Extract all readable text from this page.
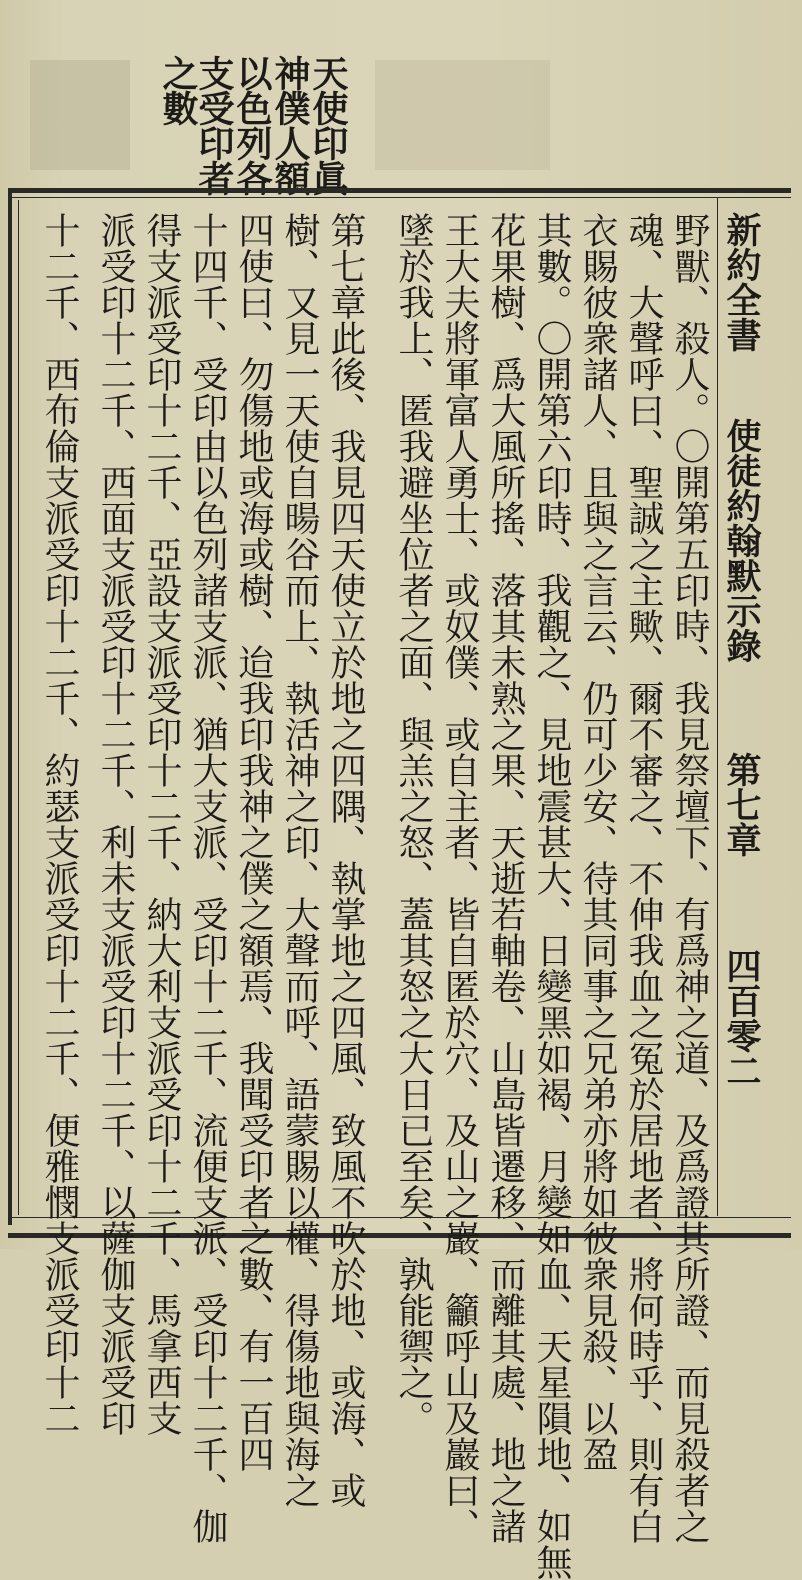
天使印眞
神僕人額
以色列各
支受印者
之數
新約全書
使徒約翰默示錄
第七章
四百零二
野獸、殺人。〇開第五印時、我見祭壇下、有爲神之道、及爲證其所證、而見殺者之
魂、大聲呼曰、聖誠之主歟、爾不審之、不伸我血之冤於居地者、將何時乎、則有白
衣賜彼衆諸人、且與之言云、仍可少安、待其同事之兄弟亦將如彼衆見殺、以盈
其數。〇開第六印時、我觀之、見地震甚大、日變黑如褐、月變如血、天星隕地、如無
花果樹、爲大風所搖、落其未熟之果、天逝若軸卷、山島皆遷移、而離其處、地之諸
王大夫將軍富人勇士、或奴僕、或自主者、皆自匿於穴、及山之巖、籲呼山及巖曰、
墜於我上、匿我避坐位者之面、與羔之怒、蓋其怒之大日已至矣、孰能禦之。
第七章此後、我見四天使立於地之四隅、執掌地之四風、致風不吹於地、或海、或
樹、又見一天使自暘谷而上、執活神之印、大聲而呼、語蒙賜以權、得傷地與海之
四使曰、勿傷地或海或樹、迨我印我神之僕之額焉、我聞受印者之數、有一百四
十四千、受印由以色列諸支派、猶大支派、受印十二千、流便支派、受印十二千、伽
得支派受印十二千、亞設支派受印十二千、納大利支派受印十二千、馬拿西支
派受印十二千、西面支派受印十二千、利未支派受印十二千、以薩伽支派受印
十二千、西布倫支派受印十二千、約瑟支派受印十二千、便雅憫支派受印十二
